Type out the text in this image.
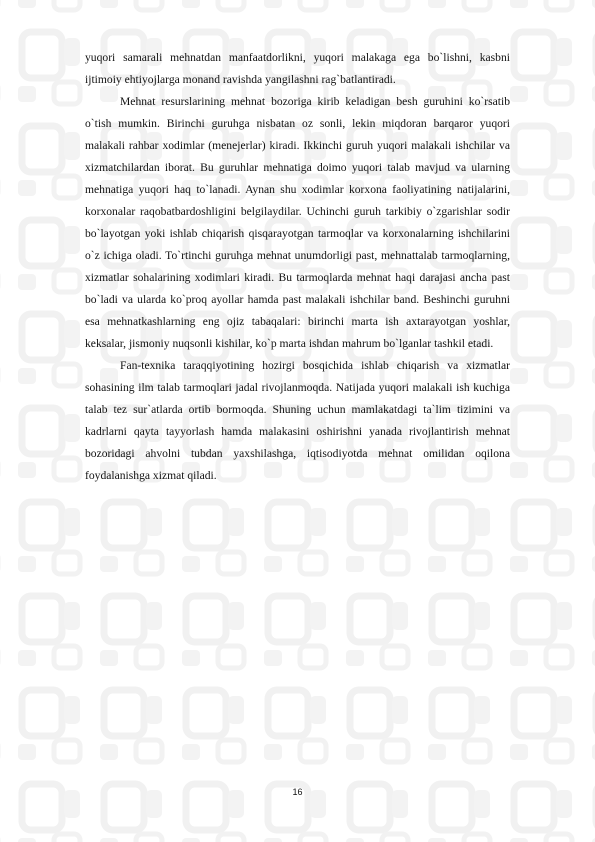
yuqori samarali mehnatdan manfaatdorlikni, yuqori malakaga ega bo`lishni, kasbni ijtimoiy ehtiyojlarga monand ravishda yangilashni rag`batlantiradi.

Mehnat resurslarining mehnat bozoriga kirib keladigan besh guruhini ko`rsatib o`tish mumkin. Birinchi guruhga nisbatan oz sonli, lekin miqdoran barqaror yuqori malakali rahbar xodimlar (menejerlar) kiradi. Ikkinchi guruh yuqori malakali ishchilar va xizmatchilardan iborat. Bu guruhlar mehnatiga doimo yuqori talab mavjud va ularning mehnatiga yuqori haq to`lanadi. Aynan shu xodimlar korxona faoliyatining natijalarini, korxonalar raqobatbardoshligini belgilaydilar. Uchinchi guruh tarkibiy o`zgarishlar sodir bo`layotgan yoki ishlab chiqarish qisqarayotgan tarmoqlar va korxonalarning ishchilarini o`z ichiga oladi. To`rtinchi guruhga mehnat unumdorligi past, mehnattalab tarmoqlarning, xizmatlar sohalarining xodimlari kiradi. Bu tarmoqlarda mehnat haqi darajasi ancha past bo`ladi va ularda ko`proq ayollar hamda past malakali ishchilar band. Beshinchi guruhni esa mehnatkashlarning eng ojiz tabaqalari: birinchi marta ish axtarayotgan yoshlar, keksalar, jismoniy nuqsonli kishilar, ko`p marta ishdan mahrum bo`lganlar tashkil etadi.

Fan-texnika taraqqiyotining hozirgi bosqichida ishlab chiqarish va xizmatlar sohasining ilm talab tarmoqlari jadal rivojlanmoqda. Natijada yuqori malakali ish kuchiga talab tez sur`atlarda ortib bormoqda. Shuning uchun mamlakatdagi ta`lim tizimini va kadrlarni qayta tayyorlash hamda malakasini oshirishni yanada rivojlantirish mehnat bozoridagi ahvolni tubdan yaxshilashga, iqtisodiyotda mehnat omilidan oqilona foydalanishga xizmat qiladi.

16
